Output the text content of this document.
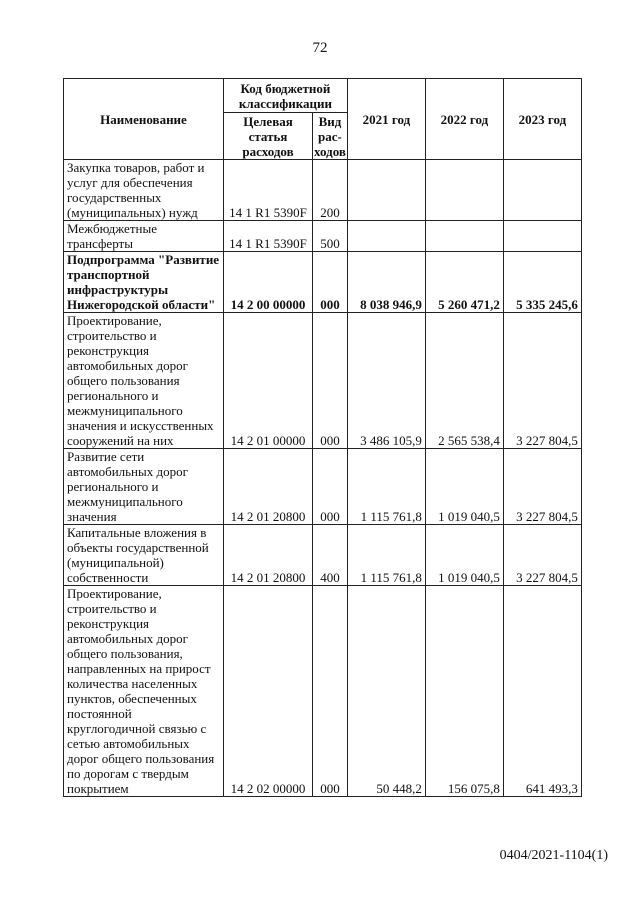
72
Наименование	Код бюджетной классификации		2021 год	2022 год	2023 год
	Целевая статья расходов	Вид рас-ходов			
Закупка товаров, работ и услуг для обеспечения государственных (муниципальных) нужд	14 1 R1 5390F	200			
Межбюджетные трансферты	14 1 R1 5390F	500			
Подпрограмма "Развитие транспортной инфраструктуры Нижегородской области"	14 2 00 00000	000	8 038 946,9	5 260 471,2	5 335 245,6
Проектирование, строительство и реконструкция автомобильных дорог общего пользования регионального и межмуниципального значения и искусственных сооружений на них	14 2 01 00000	000	3 486 105,9	2 565 538,4	3 227 804,5
Развитие сети автомобильных дорог регионального и межмуниципального значения	14 2 01 20800	000	1 115 761,8	1 019 040,5	3 227 804,5
Капитальные вложения в объекты государственной (муниципальной) собственности	14 2 01 20800	400	1 115 761,8	1 019 040,5	3 227 804,5
Проектирование, строительство и реконструкция автомобильных дорог общего пользования, направленных на прирост количества населенных пунктов, обеспеченных постоянной круглогодичной связью с сетью автомобильных дорог общего пользования по дорогам с твердым покрытием	14 2 02 00000	000	50 448,2	156 075,8	641 493,3
0404/2021-1104(1)
